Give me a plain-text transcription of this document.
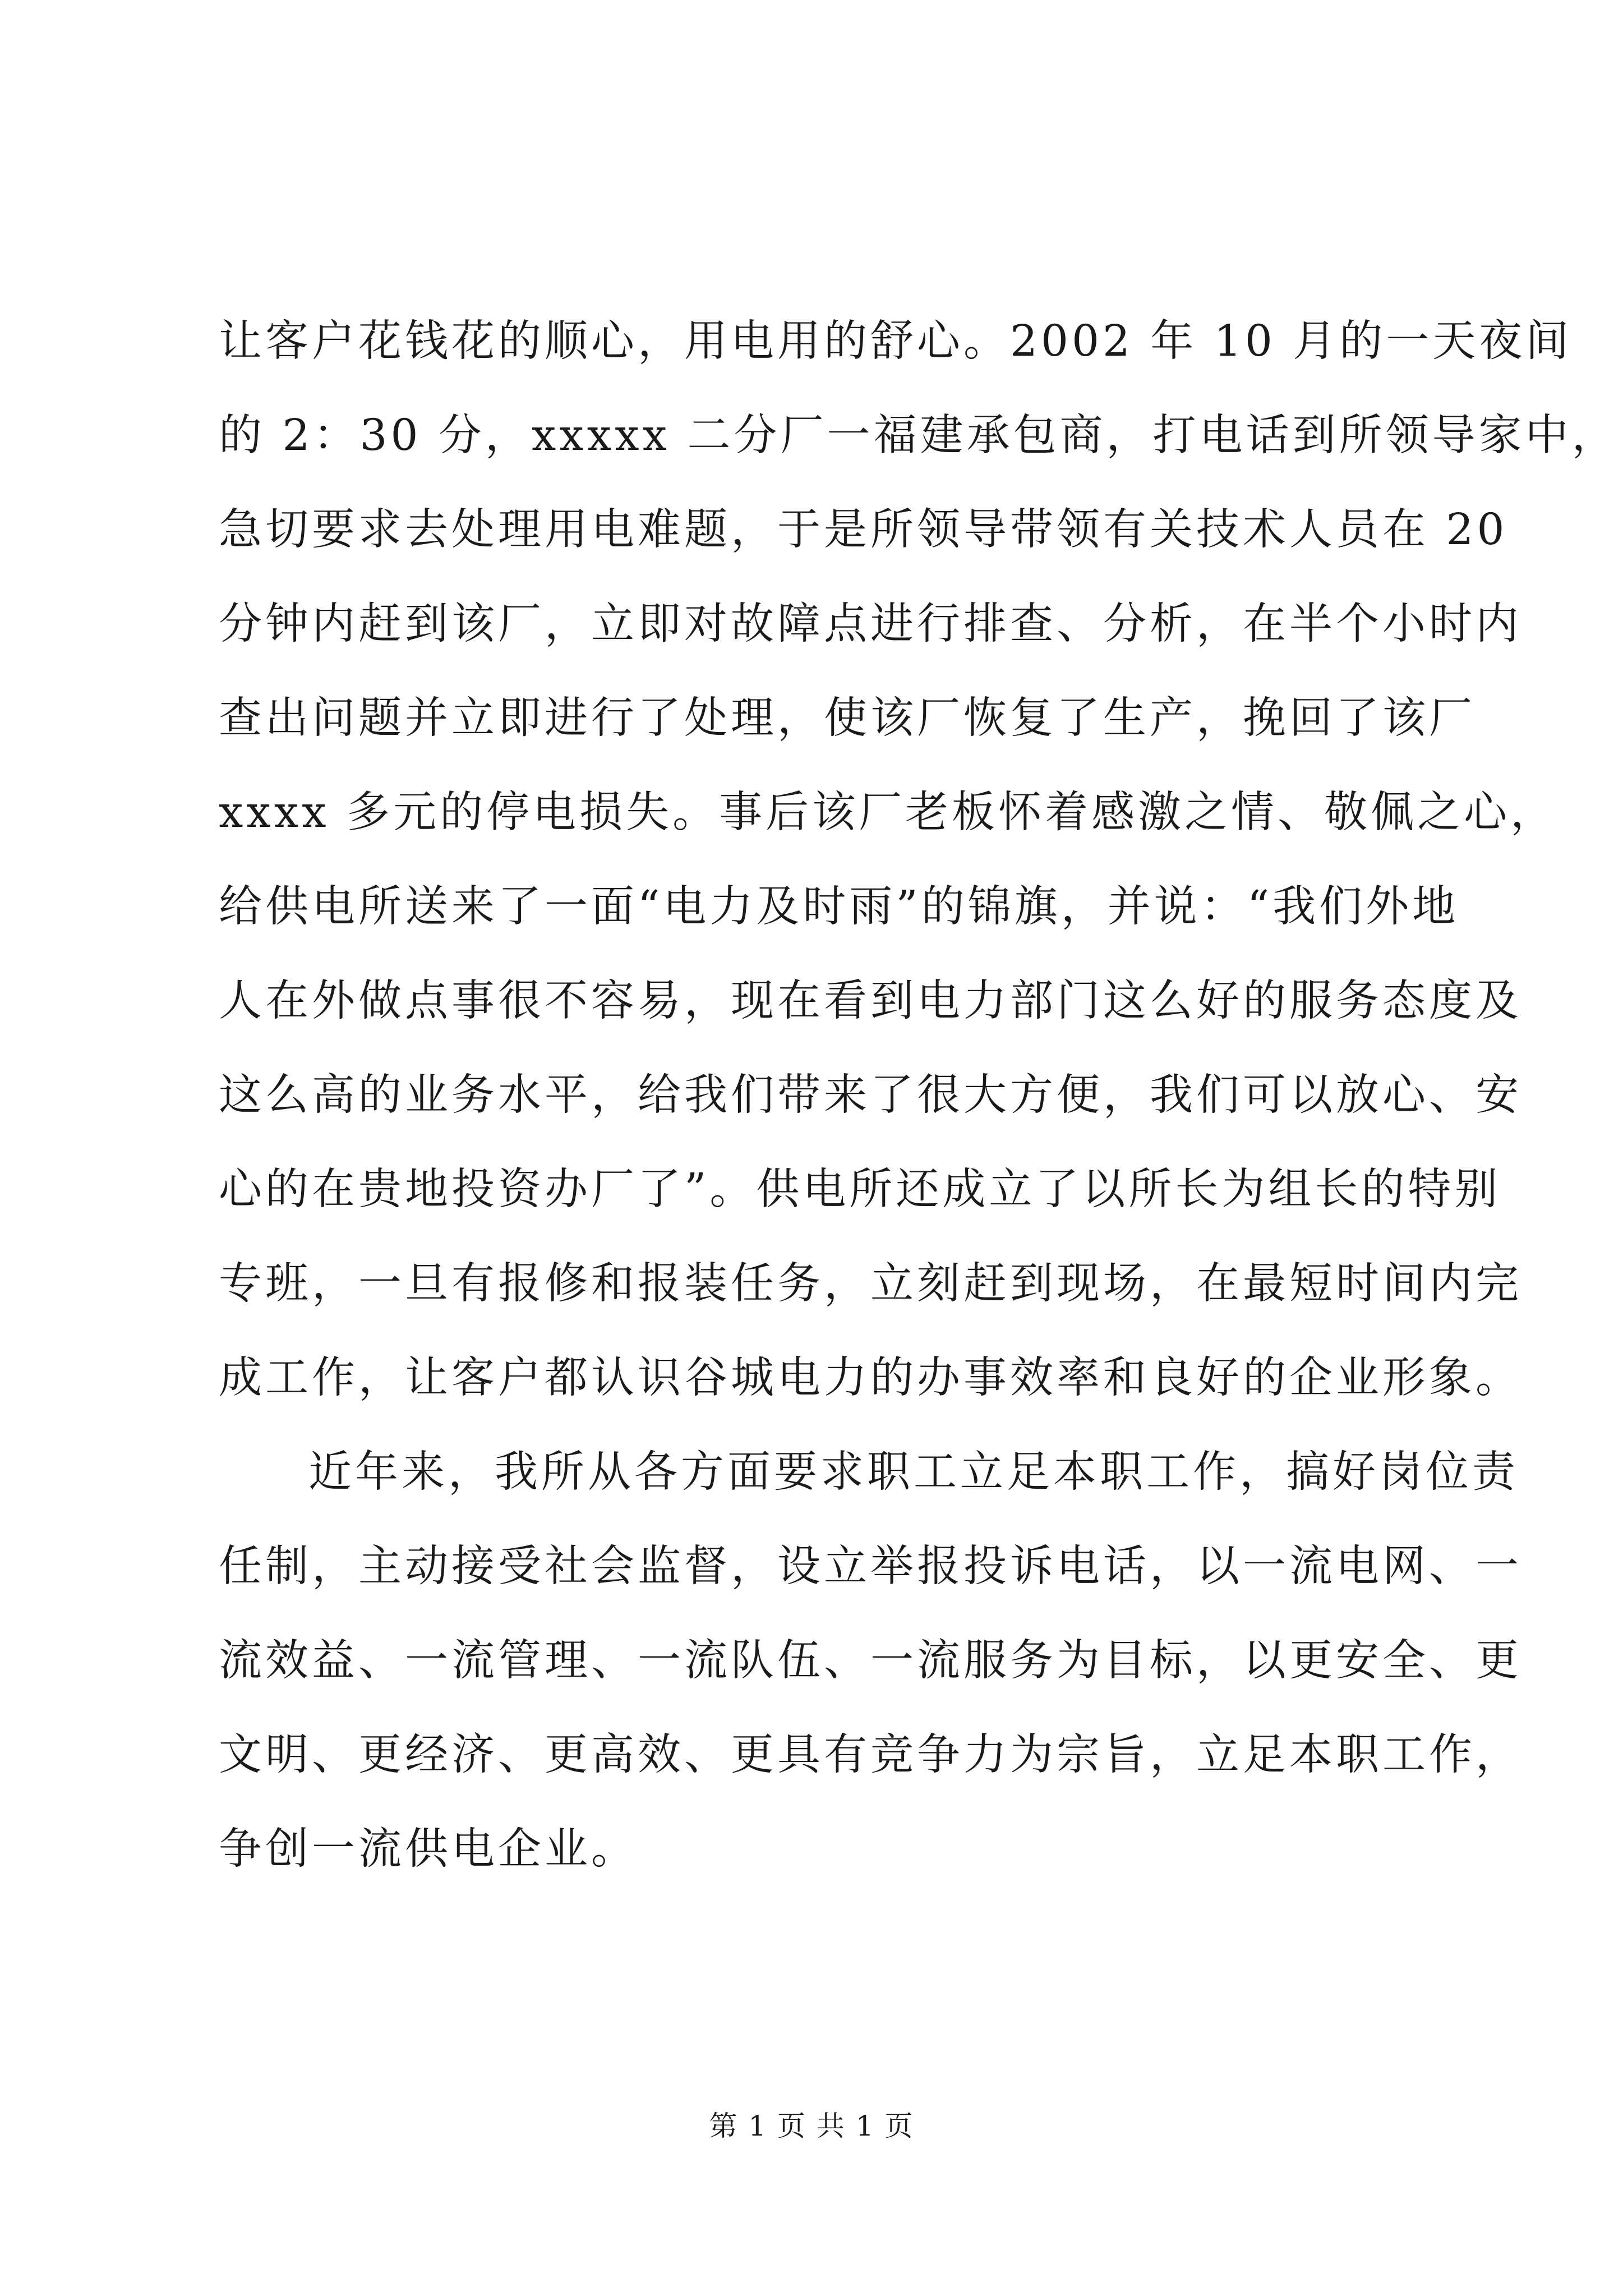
让客户花钱花的顺心，用电用的舒心。2002 年 10 月的一天夜间
的 2：30 分，xxxxx 二分厂一福建承包商，打电话到所领导家中，
急切要求去处理用电难题，于是所领导带领有关技术人员在 20
分钟内赶到该厂，立即对故障点进行排查、分析，在半个小时内
查出问题并立即进行了处理，使该厂恢复了生产，挽回了该厂
xxxx 多元的停电损失。事后该厂老板怀着感激之情、敬佩之心，
给供电所送来了一面“电力及时雨”的锦旗，并说：“我们外地
人在外做点事很不容易，现在看到电力部门这么好的服务态度及
这么高的业务水平，给我们带来了很大方便，我们可以放心、安
心的在贵地投资办厂了”。供电所还成立了以所长为组长的特别
专班，一旦有报修和报装任务，立刻赶到现场，在最短时间内完
成工作，让客户都认识谷城电力的办事效率和良好的企业形象。
近年来，我所从各方面要求职工立足本职工作，搞好岗位责
任制，主动接受社会监督，设立举报投诉电话，以一流电网、一
流效益、一流管理、一流队伍、一流服务为目标，以更安全、更
文明、更经济、更高效、更具有竞争力为宗旨，立足本职工作，
争创一流供电企业。
第 1 页 共 1 页
